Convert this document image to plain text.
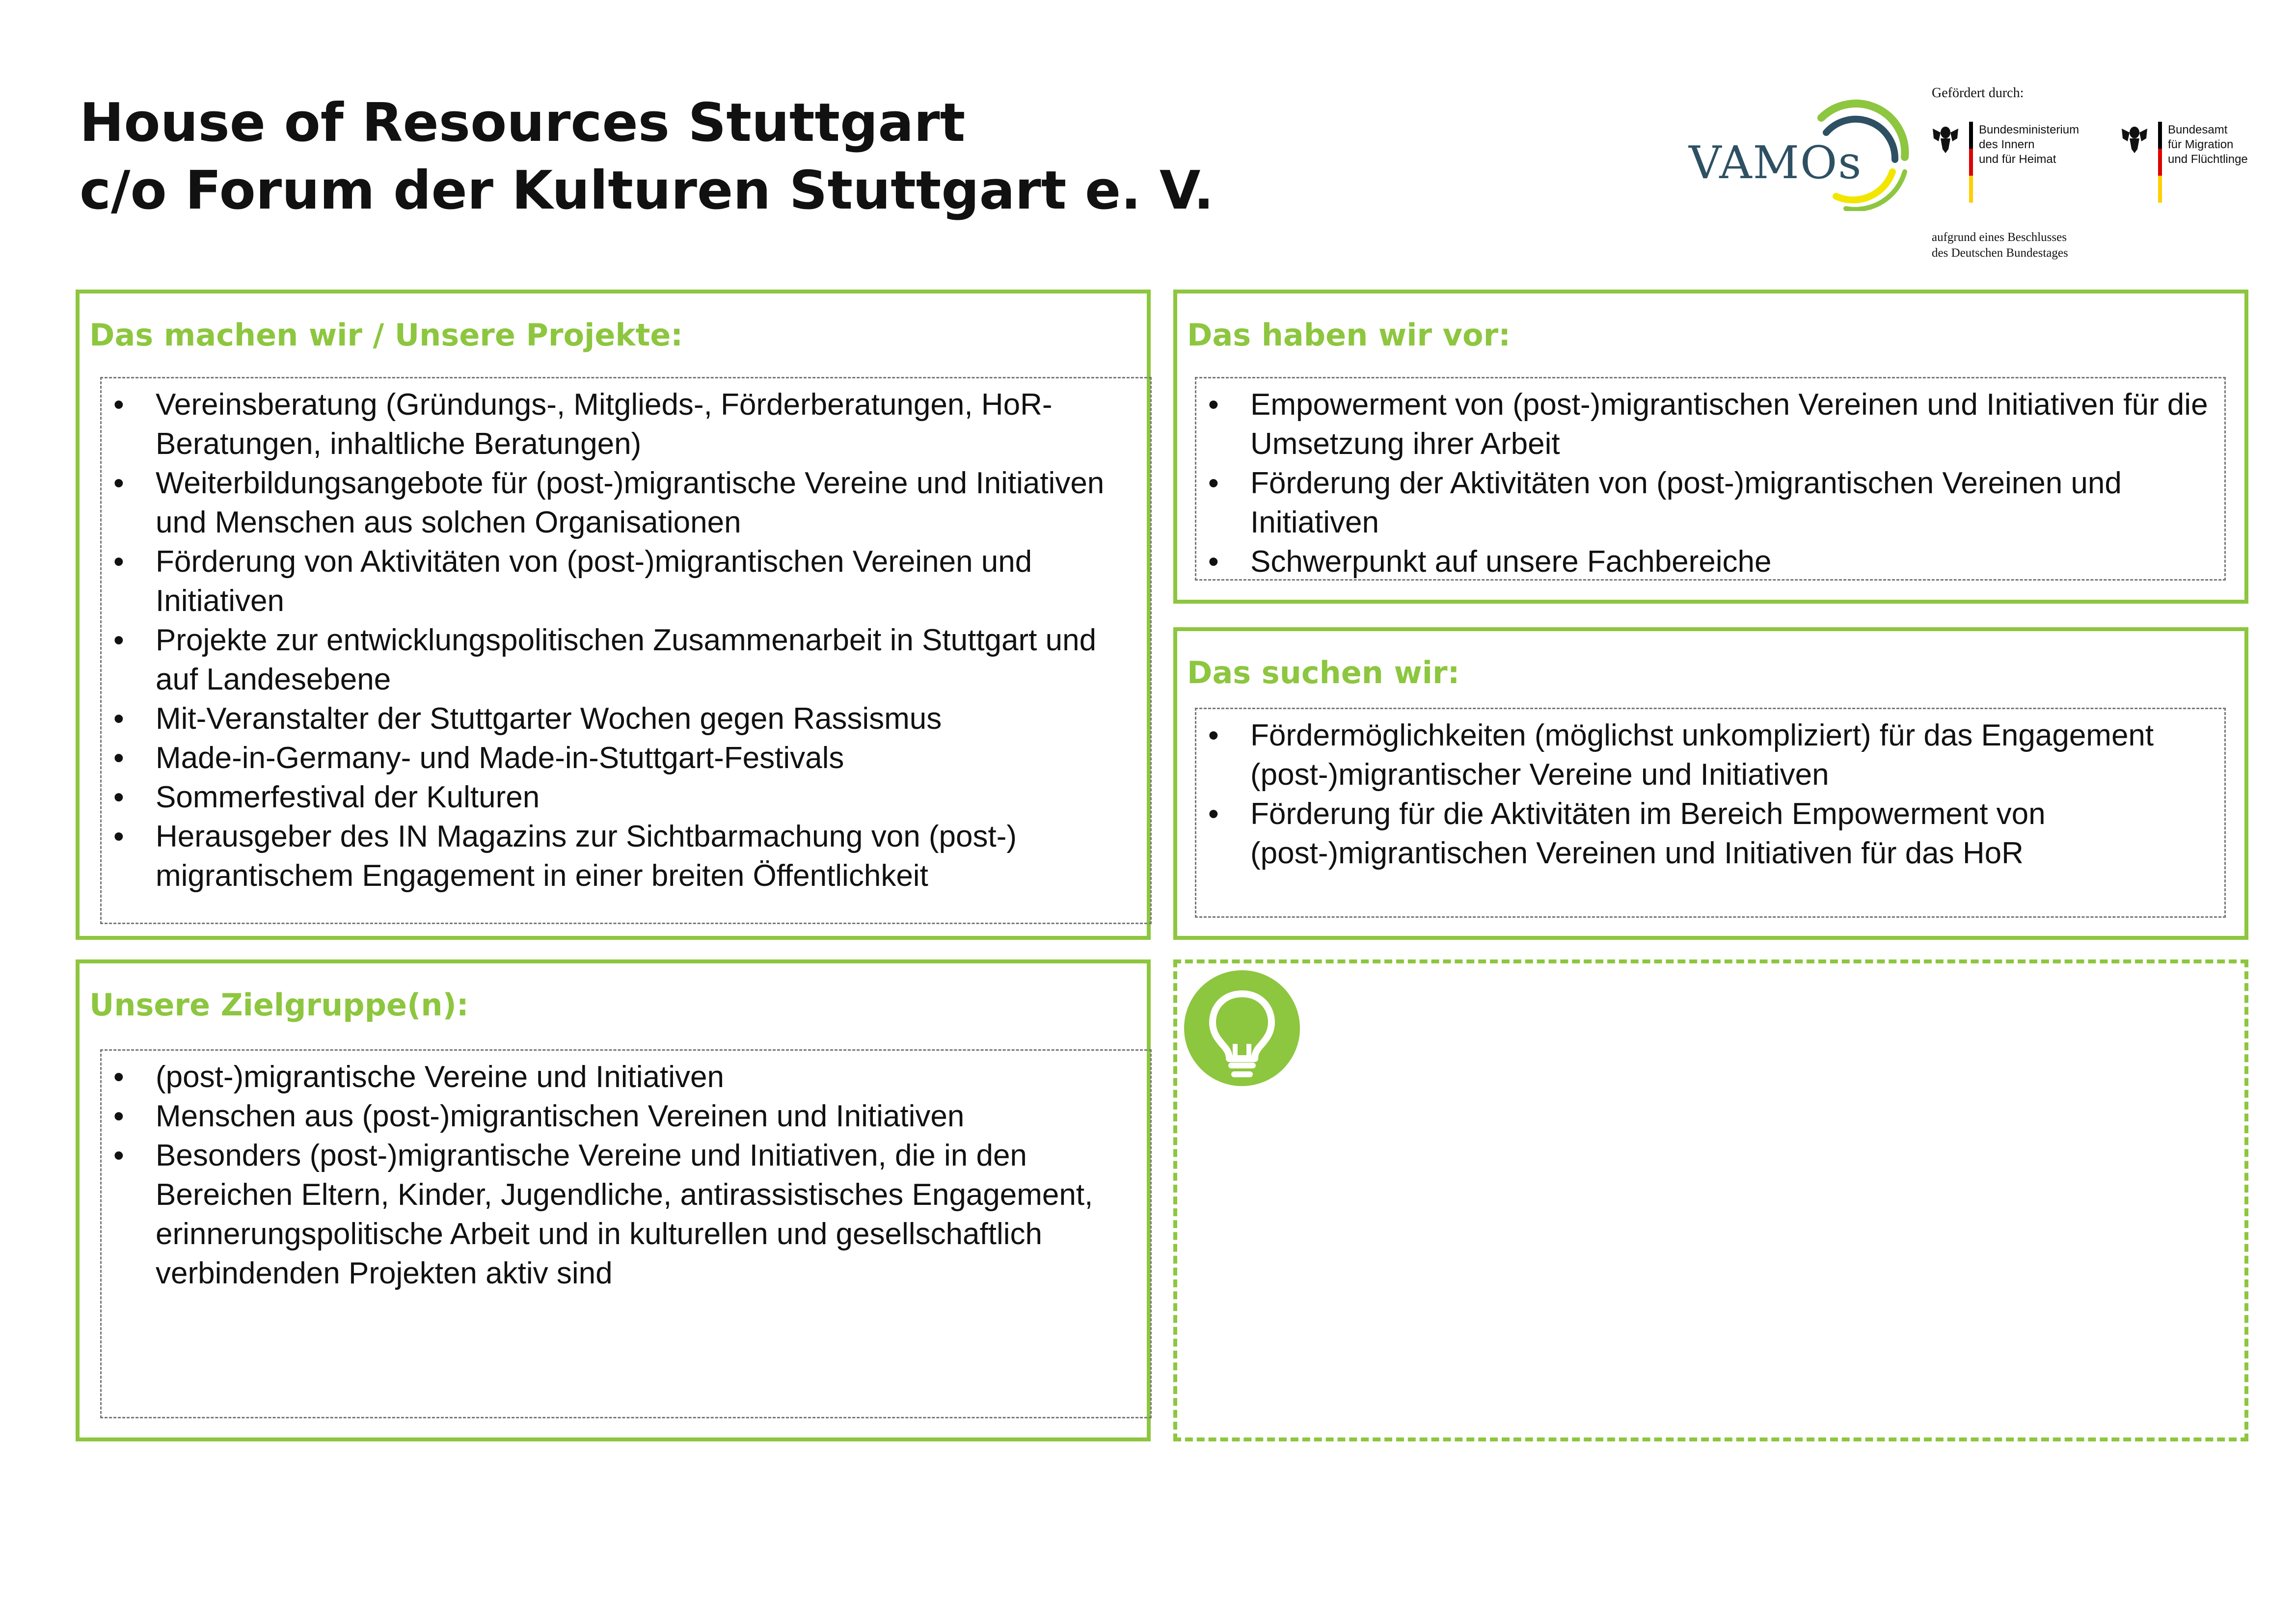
House of Resources Stuttgart
c/o Forum der Kulturen Stuttgart e. V.	VAMOs
Gefördert durch:
Bundesministerium
des Innern
und für Heimat
Bundesamt
für Migration
und Flüchtlinge
aufgrund eines Beschlusses
des Deutschen Bundestages
Das machen wir / Unsere Projekte:
• Vereinsberatung (Gründungs-, Mitglieds-, Förderberatungen, HoR-Beratungen, inhaltliche Beratungen)
• Weiterbildungsangebote für (post-)migrantische Vereine und Initiativen und Menschen aus solchen Organisationen
• Förderung von Aktivitäten von (post-)migrantischen Vereinen und Initiativen
• Projekte zur entwicklungspolitischen Zusammenarbeit in Stuttgart und auf Landesebene
• Mit-Veranstalter der Stuttgarter Wochen gegen Rassismus
• Made-in-Germany- und Made-in-Stuttgart-Festivals
• Sommerfestival der Kulturen
• Herausgeber des IN Magazins zur Sichtbarmachung von (post-) migrantischem Engagement in einer breiten Öffentlichkeit
Das haben wir vor:
• Empowerment von (post-)migrantischen Vereinen und Initiativen für die Umsetzung ihrer Arbeit
• Förderung der Aktivitäten von (post-)migrantischen Vereinen und Initiativen
• Schwerpunkt auf unsere Fachbereiche
Das suchen wir:
• Fördermöglichkeiten (möglichst unkompliziert) für das Engagement (post-)migrantischer Vereine und Initiativen
• Förderung für die Aktivitäten im Bereich Empowerment von (post-)migrantischen Vereinen und Initiativen für das HoR
Unsere Zielgruppe(n):
• (post-)migrantische Vereine und Initiativen
• Menschen aus (post-)migrantischen Vereinen und Initiativen
• Besonders (post-)migrantische Vereine und Initiativen, die in den Bereichen Eltern, Kinder, Jugendliche, antirassistisches Engagement, erinnerungspolitische Arbeit und in kulturellen und gesellschaftlich verbindenden Projekten aktiv sind
